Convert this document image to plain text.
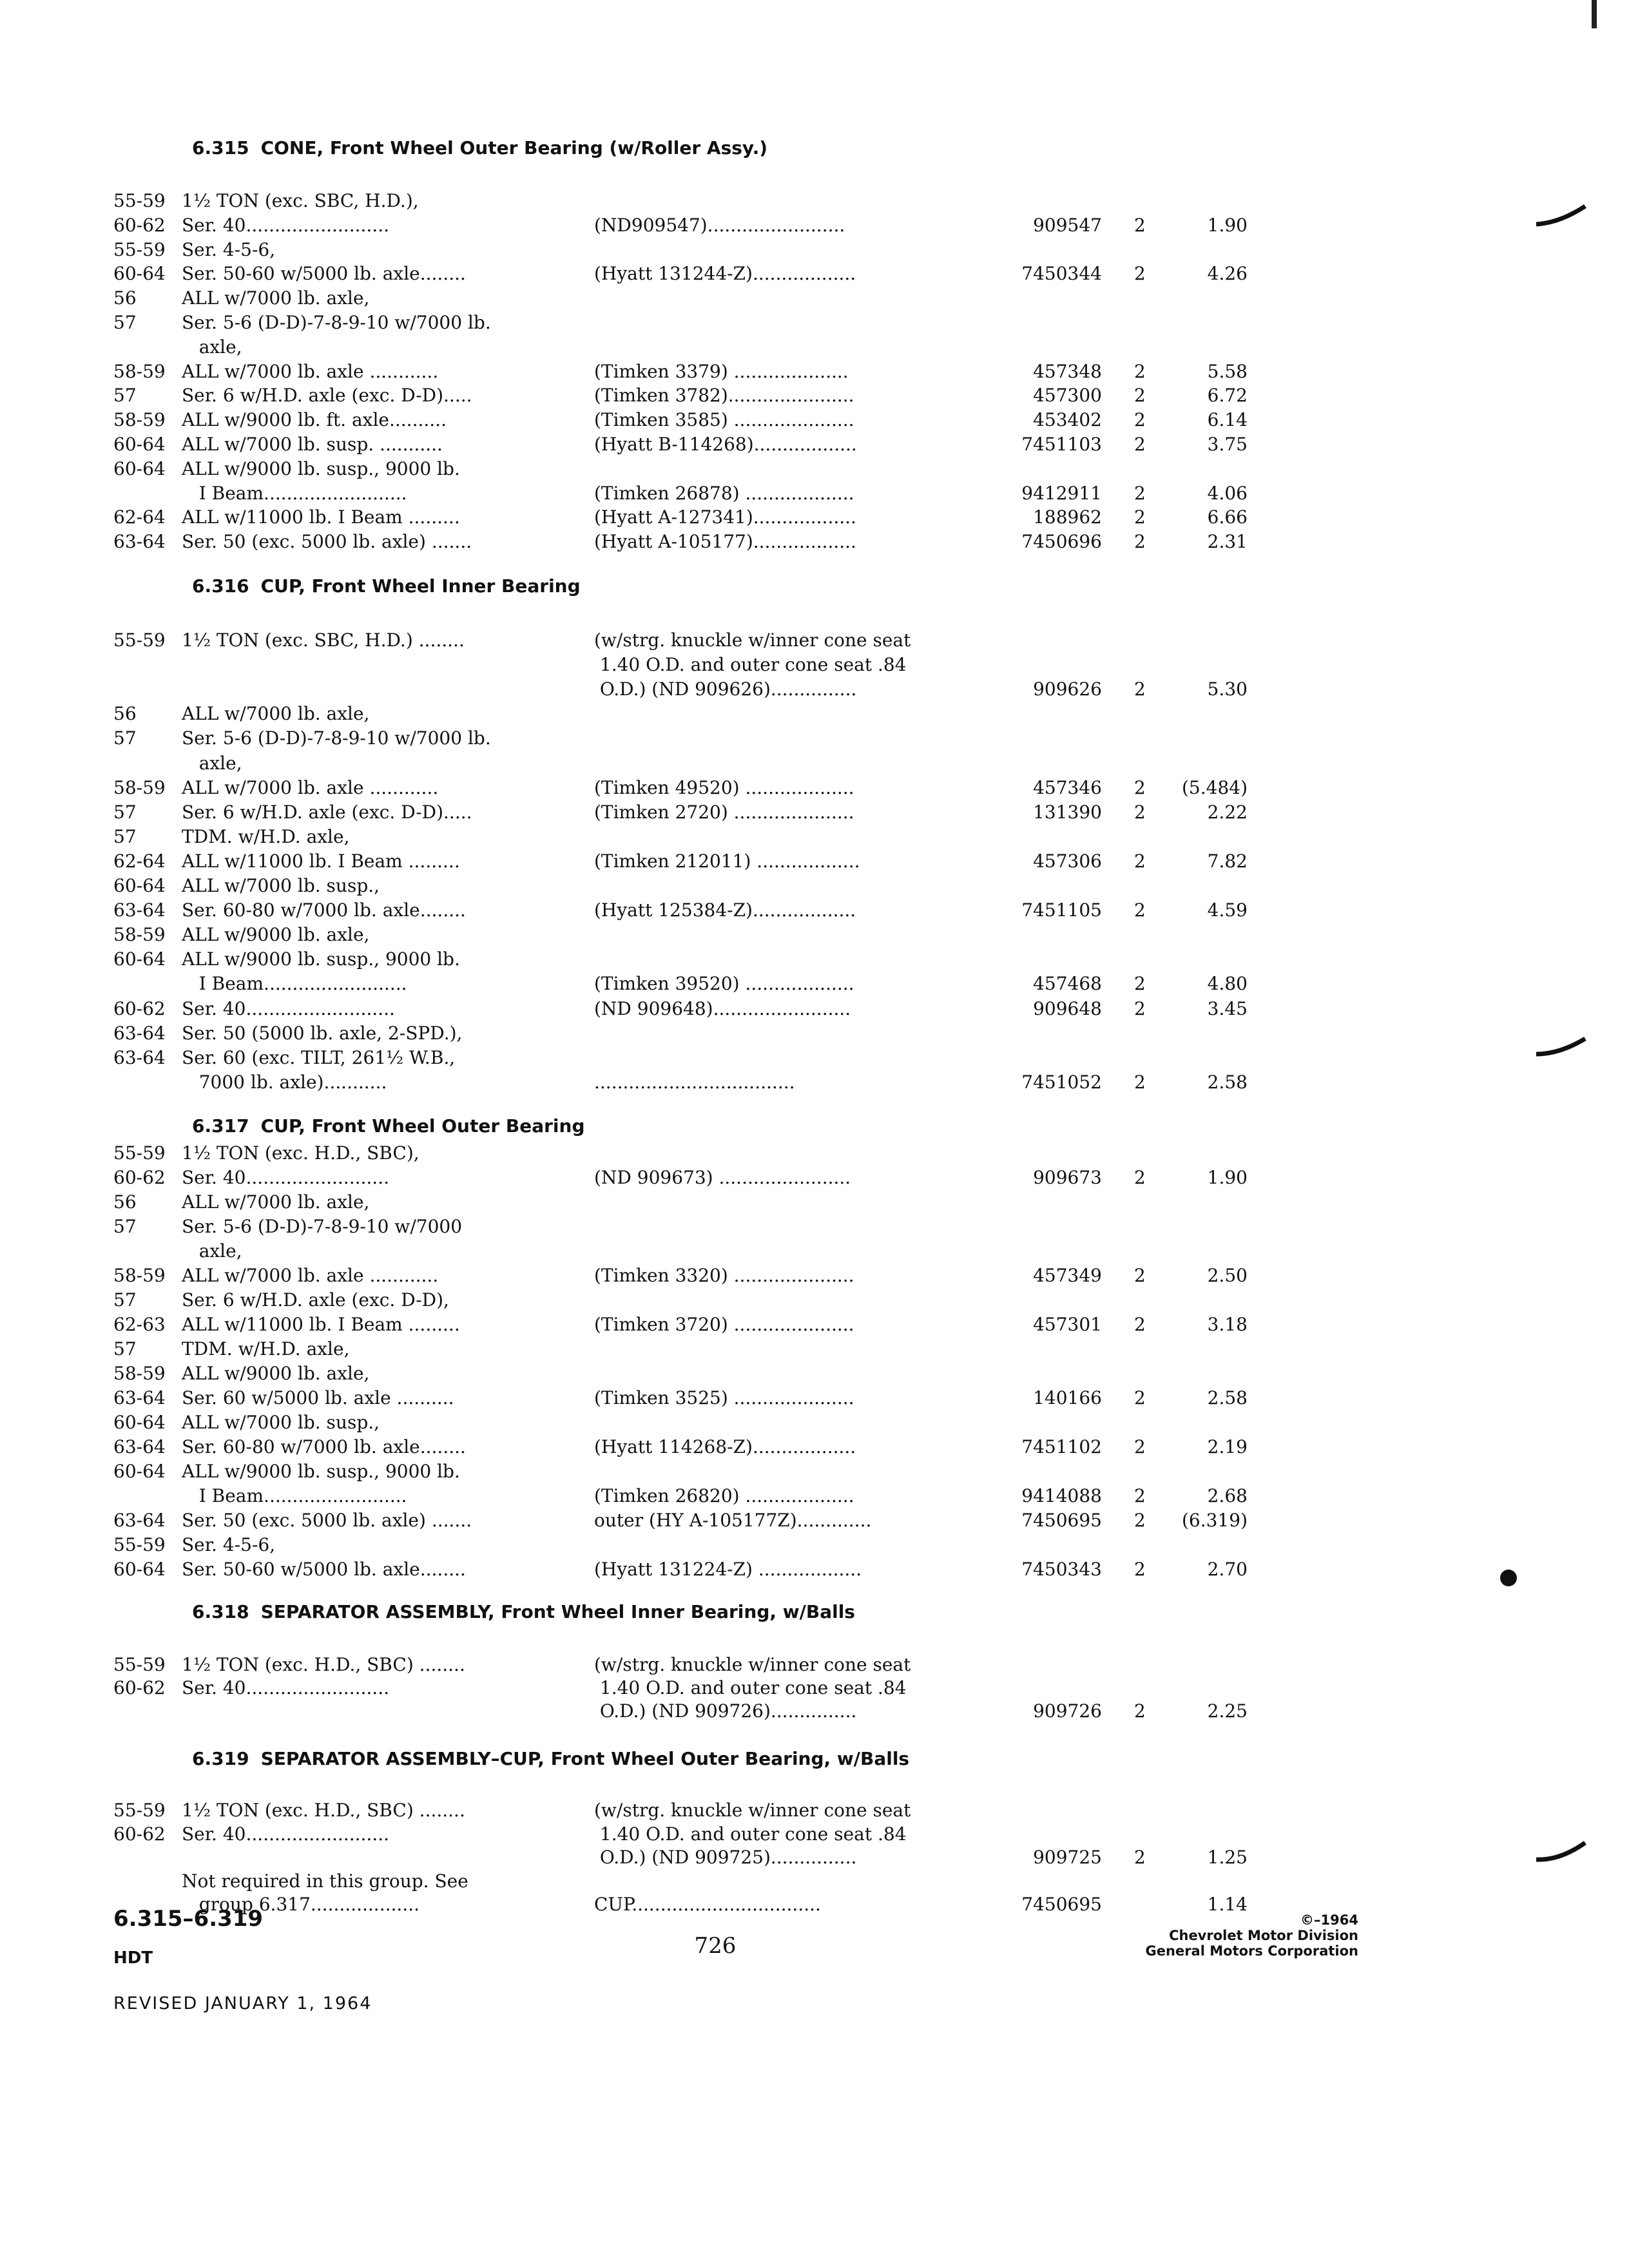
6.315 CONE, Front Wheel Outer Bearing (w/Roller Assy.)
55-59 1½ TON (exc. SBC, H.D.),
60-62 Ser. 40.........................	(ND909547)........................	909547 2	1.90
55-59 Ser. 4-5-6,
60-64 Ser. 50-60 w/5000 lb. axle........	(Hyatt 131244-Z)..................	7450344 2	4.26
56	ALL w/7000 lb. axle,
57	Ser. 5-6 (D-D)-7-8-9-10 w/7000 lb.
axle,
58-59 ALL w/7000 lb. axle ............	(Timken 3379) ....................	457348 2	5.58
57	Ser. 6 w/H.D. axle (exc. D-D).....	(Timken 3782)......................	457300 2	6.72
58-59 ALL w/9000 lb. ft. axle..........	(Timken 3585) .....................	453402 2	6.14
60-64 ALL w/7000 lb. susp. ...........	(Hyatt B-114268)..................	7451103 2	3.75
60-64 ALL w/9000 lb. susp., 9000 lb.
I Beam.........................	(Timken 26878) ...................	9412911 2	4.06
62-64 ALL w/11000 lb. I Beam .........	(Hyatt A-127341)..................	188962 2	6.66
63-64 Ser. 50 (exc. 5000 lb. axle) .......	(Hyatt A-105177)..................	7450696 2	2.31
6.316 CUP, Front Wheel Inner Bearing
55-59 1½ TON (exc. SBC, H.D.) ........	(w/strg. knuckle w/inner cone seat
1.40 O.D. and outer cone seat .84
O.D.) (ND 909626)...............	909626 2	5.30
56	ALL w/7000 lb. axle,
57	Ser. 5-6 (D-D)-7-8-9-10 w/7000 lb.
axle,
58-59 ALL w/7000 lb. axle ............	(Timken 49520) ...................	457346 2 (5.484)
57	Ser. 6 w/H.D. axle (exc. D-D).....	(Timken 2720) .....................	131390 2	2.22
57	TDM. w/H.D. axle,
62-64 ALL w/11000 lb. I Beam .........	(Timken 212011) ..................	457306 2	7.82
60-64 ALL w/7000 lb. susp.,
63-64 Ser. 60-80 w/7000 lb. axle........	(Hyatt 125384-Z)..................	7451105 2	4.59
58-59 ALL w/9000 lb. axle,
60-64 ALL w/9000 lb. susp., 9000 lb.
I Beam.........................	(Timken 39520) ...................	457468 2	4.80
60-62 Ser. 40..........................	(ND 909648)........................	909648 2	3.45
63-64 Ser. 50 (5000 lb. axle, 2-SPD.),
63-64 Ser. 60 (exc. TILT, 261½ W.B.,
7000 lb. axle)...........	...................................	7451052 2	2.58
6.317 CUP, Front Wheel Outer Bearing
55-59 1½ TON (exc. H.D., SBC),
60-62 Ser. 40.........................	(ND 909673) .......................	909673 2	1.90
56	ALL w/7000 lb. axle,
57	Ser. 5-6 (D-D)-7-8-9-10 w/7000
axle,
58-59 ALL w/7000 lb. axle ............	(Timken 3320) .....................	457349 2	2.50
57	Ser. 6 w/H.D. axle (exc. D-D),
62-63 ALL w/11000 lb. I Beam .........	(Timken 3720) .....................	457301 2	3.18
57	TDM. w/H.D. axle,
58-59 ALL w/9000 lb. axle,
63-64 Ser. 60 w/5000 lb. axle ..........	(Timken 3525) .....................	140166 2	2.58
60-64 ALL w/7000 lb. susp.,
63-64 Ser. 60-80 w/7000 lb. axle........	(Hyatt 114268-Z)..................	7451102 2	2.19
60-64 ALL w/9000 lb. susp., 9000 lb.
I Beam.........................	(Timken 26820) ...................	9414088 2	2.68
63-64 Ser. 50 (exc. 5000 lb. axle) .......	outer (HY A-105177Z).............	7450695 2 (6.319)
55-59 Ser. 4-5-6,
60-64 Ser. 50-60 w/5000 lb. axle........	(Hyatt 131224-Z) ..................	7450343 2	2.70
6.318 SEPARATOR ASSEMBLY, Front Wheel Inner Bearing, w/Balls
55-59 1½ TON (exc. H.D., SBC) ........	(w/strg. knuckle w/inner cone seat
60-62 Ser. 40.........................	1.40 O.D. and outer cone seat .84
O.D.) (ND 909726)...............	909726 2	2.25
6.319 SEPARATOR ASSEMBLY–CUP, Front Wheel Outer Bearing, w/Balls
55-59 1½ TON (exc. H.D., SBC) ........	(w/strg. knuckle w/inner cone seat
60-62 Ser. 40.........................	1.40 O.D. and outer cone seat .84
O.D.) (ND 909725)...............	909725 2	1.25
Not required in this group. See
group 6.317...................	CUP.................................	7450695	1.14
6.315–6.319
HDT
REVISED JANUARY 1, 1964
726
©–1964
Chevrolet Motor Division
General Motors Corporation
